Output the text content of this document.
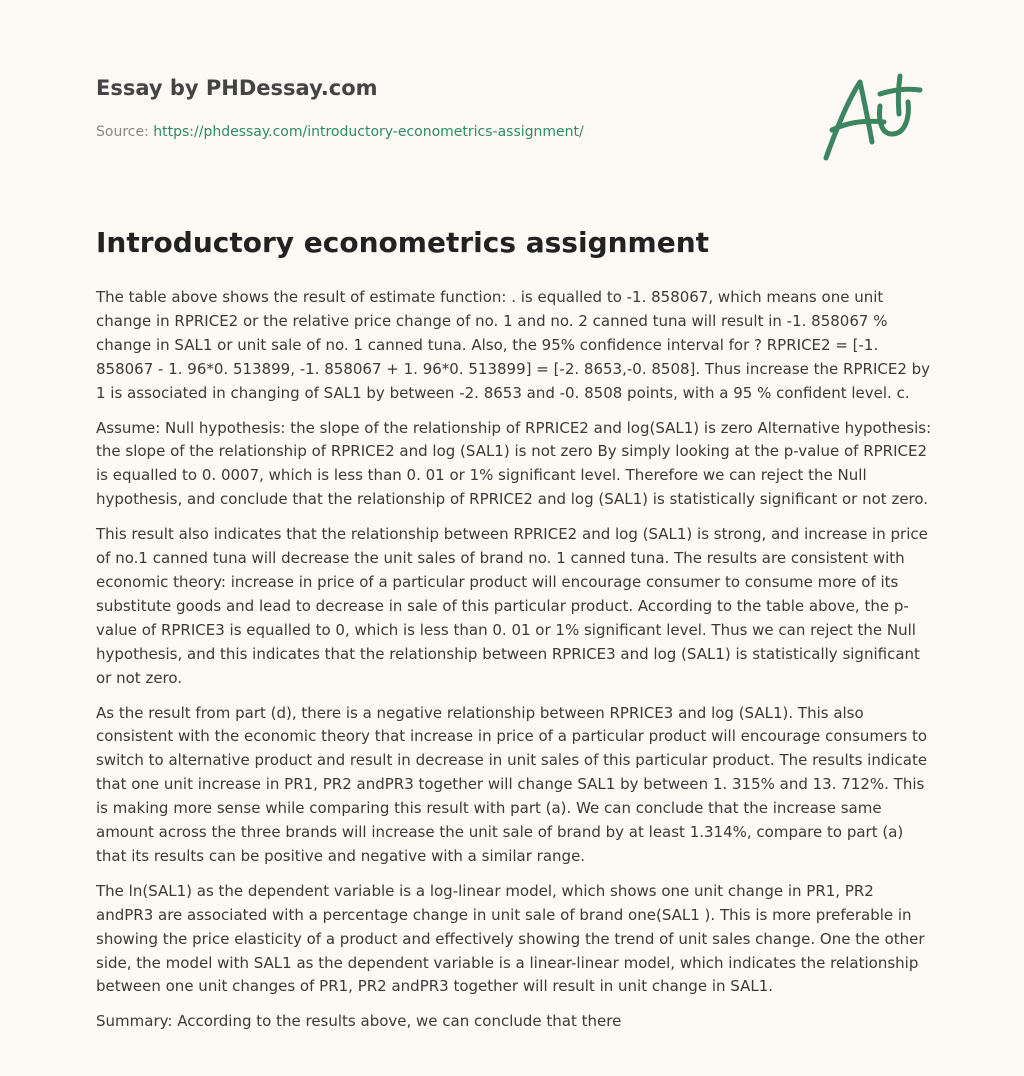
Essay by PHDessay.com
Source: https://phdessay.com/introductory-econometrics-assignment/
Introductory econometrics assignment

The table above shows the result of estimate function: . is equalled to -1. 858067, which means one unit change in RPRICE2 or the relative price change of no. 1 and no. 2 canned tuna will result in -1. 858067 % change in SAL1 or unit sale of no. 1 canned tuna. Also, the 95% confidence interval for ? RPRICE2 = [-1. 858067 - 1. 96*0. 513899, -1. 858067 + 1. 96*0. 513899] = [-2. 8653,-0. 8508]. Thus increase the RPRICE2 by 1 is associated in changing of SAL1 by between -2. 8653 and -0. 8508 points, with a 95 % confident level. c.

Assume: Null hypothesis: the slope of the relationship of RPRICE2 and log(SAL1) is zero Alternative hypothesis: the slope of the relationship of RPRICE2 and log (SAL1) is not zero By simply looking at the p-value of RPRICE2 is equalled to 0. 0007, which is less than 0. 01 or 1% significant level. Therefore we can reject the Null hypothesis, and conclude that the relationship of RPRICE2 and log (SAL1) is statistically significant or not zero.

This result also indicates that the relationship between RPRICE2 and log (SAL1) is strong, and increase in price of no.1 canned tuna will decrease the unit sales of brand no. 1 canned tuna. The results are consistent with economic theory: increase in price of a particular product will encourage consumer to consume more of its substitute goods and lead to decrease in sale of this particular product. According to the table above, the p-value of RPRICE3 is equalled to 0, which is less than 0. 01 or 1% significant level. Thus we can reject the Null hypothesis, and this indicates that the relationship between RPRICE3 and log (SAL1) is statistically significant or not zero.

As the result from part (d), there is a negative relationship between RPRICE3 and log (SAL1). This also consistent with the economic theory that increase in price of a particular product will encourage consumers to switch to alternative product and result in decrease in unit sales of this particular product. The results indicate that one unit increase in PR1, PR2 andPR3 together will change SAL1 by between 1. 315% and 13. 712%. This is making more sense while comparing this result with part (a). We can conclude that the increase same amount across the three brands will increase the unit sale of brand by at least 1.314%, compare to part (a) that its results can be positive and negative with a similar range.

The ln(SAL1) as the dependent variable is a log-linear model, which shows one unit change in PR1, PR2 andPR3 are associated with a percentage change in unit sale of brand one(SAL1 ). This is more preferable in showing the price elasticity of a product and effectively showing the trend of unit sales change. One the other side, the model with SAL1 as the dependent variable is a linear-linear model, which indicates the relationship between one unit changes of PR1, PR2 andPR3 together will result in unit change in SAL1.

Summary: According to the results above, we can conclude that there
